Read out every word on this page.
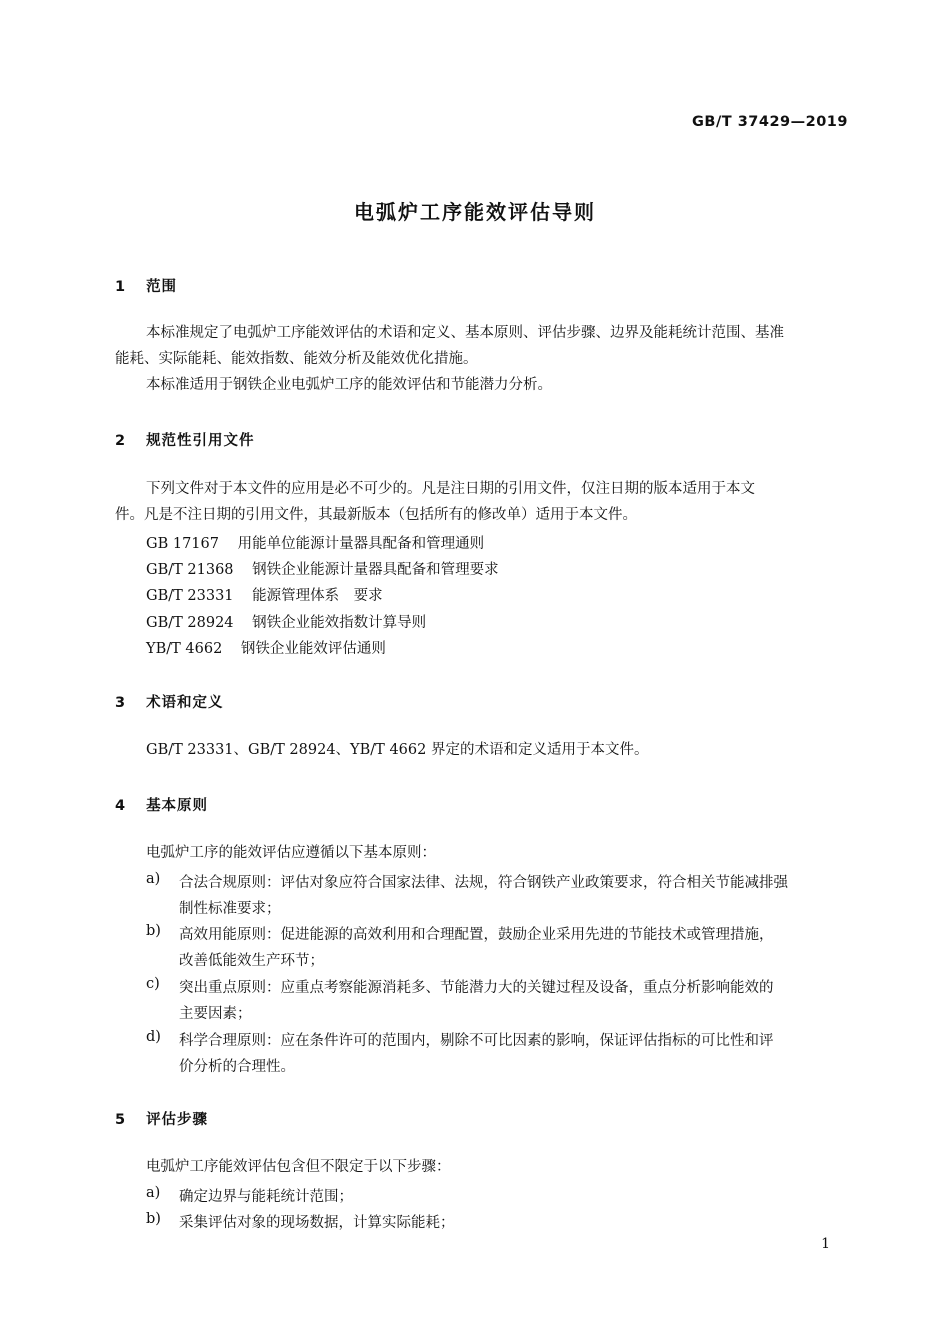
GB/T 37429—2019
电弧炉工序能效评估导则
1 范围
本标准规定了电弧炉工序能效评估的术语和定义、基本原则、评估步骤、边界及能耗统计范围、基准
能耗、实际能耗、能效指数、能效分析及能效优化措施。
本标准适用于钢铁企业电弧炉工序的能效评估和节能潜力分析。
2 规范性引用文件
下列文件对于本文件的应用是必不可少的。凡是注日期的引用文件，仅注日期的版本适用于本文
件。凡是不注日期的引用文件，其最新版本（包括所有的修改单）适用于本文件。
GB 17167 用能单位能源计量器具配备和管理通则
GB/T 21368 钢铁企业能源计量器具配备和管理要求
GB/T 23331 能源管理体系　要求
GB/T 28924 钢铁企业能效指数计算导则
YB/T 4662 钢铁企业能效评估通则
3 术语和定义
GB/T 23331、GB/T 28924、YB/T 4662 界定的术语和定义适用于本文件。
4 基本原则
电弧炉工序的能效评估应遵循以下基本原则：
a) 合法合规原则：评估对象应符合国家法律、法规，符合钢铁产业政策要求，符合相关节能减排强
制性标准要求；
b) 高效用能原则：促进能源的高效利用和合理配置，鼓励企业采用先进的节能技术或管理措施，
改善低能效生产环节；
c) 突出重点原则：应重点考察能源消耗多、节能潜力大的关键过程及设备，重点分析影响能效的
主要因素；
d) 科学合理原则：应在条件许可的范围内，剔除不可比因素的影响，保证评估指标的可比性和评
价分析的合理性。
5 评估步骤
电弧炉工序能效评估包含但不限定于以下步骤：
a) 确定边界与能耗统计范围；
b) 采集评估对象的现场数据，计算实际能耗；
1
